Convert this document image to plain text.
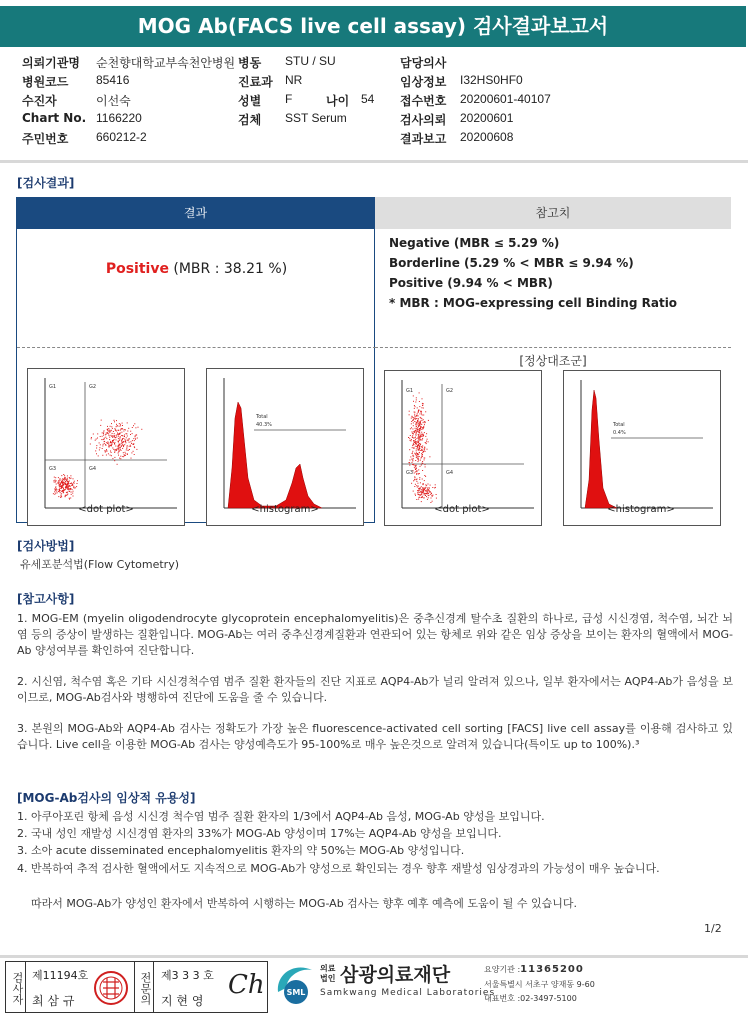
MOG Ab(FACS live cell assay) 검사결과보고서
의뢰기관명 순천향대학교부속천안병원 병동 STU / SU	담당의사
병원코드 85416	진료과 NR	임상정보 I32HS0HF0
수진자	이선숙	성별 F	나이 54 접수번호 20200601-40107
Chart No. 1166220	검체 SST Serum	검사의뢰 20200601
주민번호 660212-2	결과보고 20200608
[검사결과]
결과	참고치
Positive (MBR : 38.21 %)
G1	G2
G3	G4
Total
40.3%
<dot plot>	<histogram>
Negative (MBR ≤ 5.29 %)
Borderline (5.29 % < MBR ≤ 9.94 %)
Positive (9.94 % < MBR)
* MBR : MOG-expressing cell Binding Ratio
[정상대조군]
G1	G2
G3	G4
Total
0.4%
<dot plot>	<histogram>
[검사방법]
유세포분석법(Flow Cytometry)
[참고사항]
1. MOG-EM (myelin oligodendrocyte glycoprotein encephalomyelitis)은 중추신경계 탈수초 질환의 하나로, 급성 시신경염, 척수염, 뇌간 뇌염 등의 증상이 발생하는 질환입니다. MOG-Ab는 여러 중추신경계질환과 연관되어 있는 항체로 위와 같은 임상 증상을 보이는 환자의 혈액에서 MOG-Ab 양성여부를 확인하여 진단합니다.
2. 시신염, 척수염 혹은 기타 시신경척수염 범주 질환 환자들의 진단 지표로 AQP4-Ab가 널리 알려져 있으나, 일부 환자에서는 AQP4-Ab가 음성을 보이므로, MOG-Ab검사와 병행하여 진단에 도움을 줄 수 있습니다.
3. 본원의 MOG-Ab와 AQP4-Ab 검사는 정확도가 가장 높은 fluorescence-activated cell sorting [FACS] live cell assay를 이용해 검사하고 있습니다. Live cell을 이용한 MOG-Ab 검사는 양성예측도가 95-100%로 매우 높은것으로 알려져 있습니다(특이도 up to 100%).³
[MOG-Ab검사의 임상적 유용성]
1. 아쿠아포린 항체 음성 시신경 척수염 범주 질환 환자의 1/3에서 AQP4-Ab 음성, MOG-Ab 양성을 보입니다.
2. 국내 성인 재발성 시신경염 환자의 33%가 MOG-Ab 양성이며 17%는 AQP4-Ab 양성을 보입니다.
3. 소아 acute disseminated encephalomyelitis 환자의 약 50%는 MOG-Ab 양성입니다.
4. 반복하여 추적 검사한 혈액에서도 지속적으로 MOG-Ab가 양성으로 확인되는 경우 향후 재발성 임상경과의 가능성이 매우 높습니다.
따라서 MOG-Ab가 양성인 환자에서 반복하여 시행하는 MOG-Ab 검사는 향후 예후 예측에 도움이 될 수 있습니다.
1/2
검사자 제11194호
최 삼 규	전문의 제3 3 3 호
지 현 영
Ch	SML
의료법인 삼광의료재단
Samkwang Medical Laboratories
요양기관 :11365200
서울특별시 서초구 양재동 9-60
대표번호 :02-3497-5100
